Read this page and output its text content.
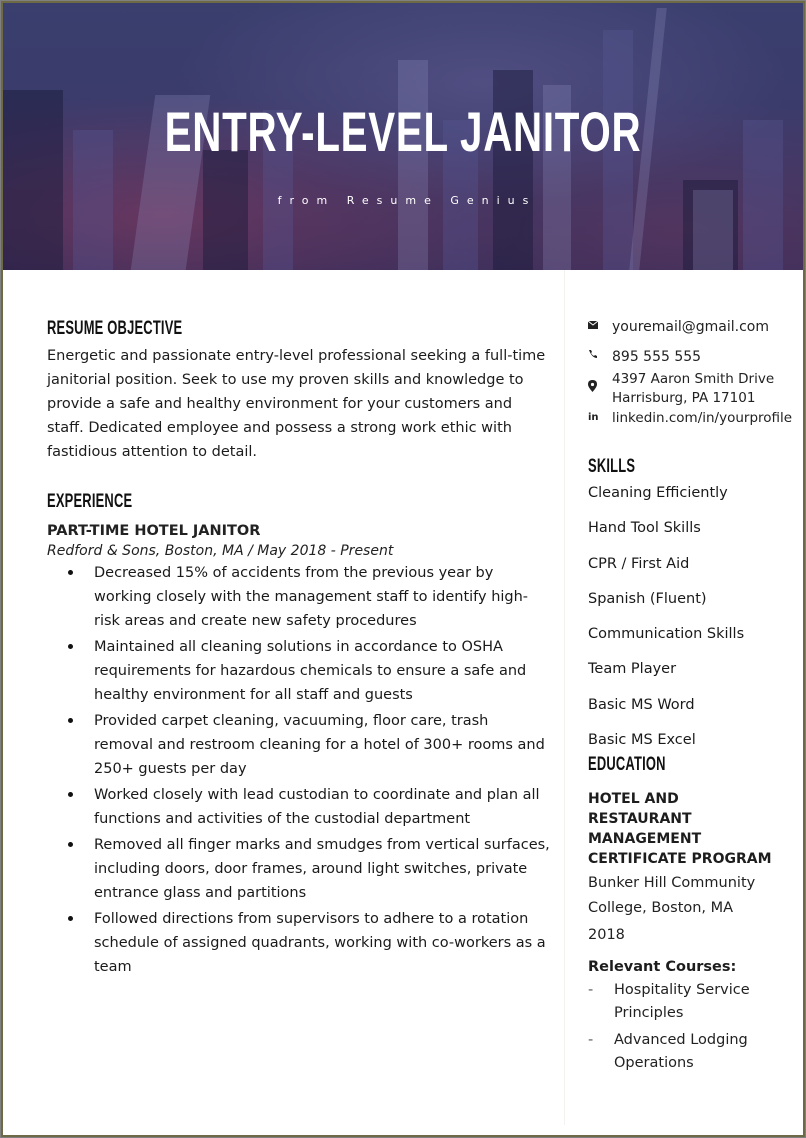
ENTRY-LEVEL JANITOR
from Resume Genius
RESUME OBJECTIVE
Energetic and passionate entry-level professional seeking a full-time janitorial position. Seek to use my proven skills and knowledge to provide a safe and healthy environment for your customers and staff. Dedicated employee and possess a strong work ethic with fastidious attention to detail.
EXPERIENCE
PART-TIME HOTEL JANITOR
Redford & Sons, Boston, MA / May 2018 - Present
Decreased 15% of accidents from the previous year by working closely with the management staff to identify high-risk areas and create new safety procedures
Maintained all cleaning solutions in accordance to OSHA requirements for hazardous chemicals to ensure a safe and healthy environment for all staff and guests
Provided carpet cleaning, vacuuming, floor care, trash removal and restroom cleaning for a hotel of 300+ rooms and 250+ guests per day
Worked closely with lead custodian to coordinate and plan all functions and activities of the custodial department
Removed all finger marks and smudges from vertical surfaces, including doors, door frames, around light switches, private entrance glass and partitions
Followed directions from supervisors to adhere to a rotation schedule of assigned quadrants, working with co-workers as a team
youremail@gmail.com
895 555 555
4397 Aaron Smith Drive
Harrisburg, PA 17101
in linkedin.com/in/yourprofile
SKILLS
Cleaning Efficiently
Hand Tool Skills
CPR / First Aid
Spanish (Fluent)
Communication Skills
Team Player
Basic MS Word
Basic MS Excel
EDUCATION
HOTEL AND RESTAURANT MANAGEMENT CERTIFICATE PROGRAM
Bunker Hill Community
College, Boston, MA
2018
Relevant Courses:
-	Hospitality Service Principles
-	Advanced Lodging Operations
